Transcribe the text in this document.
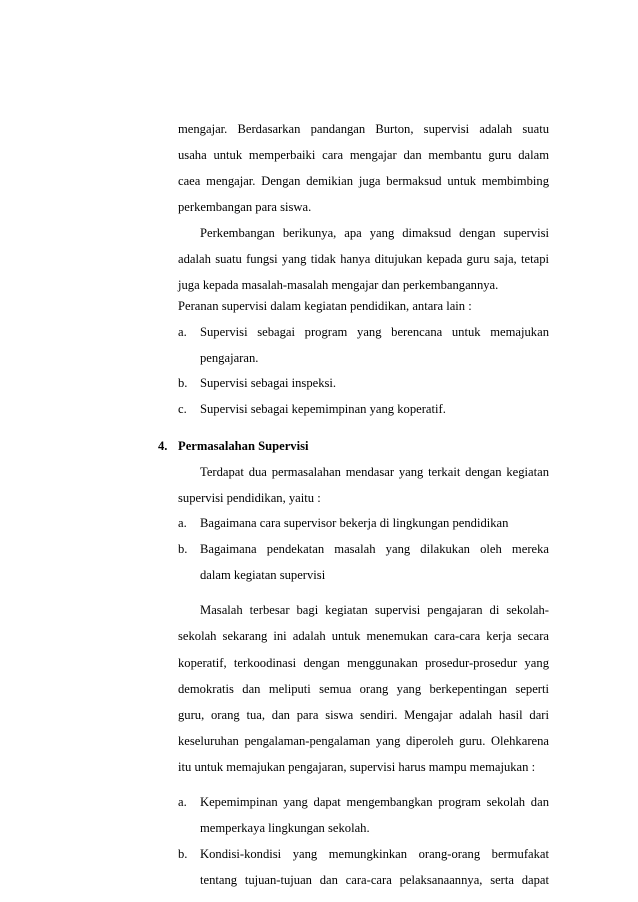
mengajar. Berdasarkan pandangan Burton, supervisi adalah suatu
usaha untuk memperbaiki cara mengajar dan membantu guru dalam
caea mengajar. Dengan demikian juga bermaksud untuk membimbing
perkembangan para siswa.
Perkembangan berikunya, apa yang dimaksud dengan supervisi
adalah suatu fungsi yang tidak hanya ditujukan kepada guru saja, tetapi
juga kepada masalah-masalah mengajar dan perkembangannya.
Peranan supervisi dalam kegiatan pendidikan, antara lain :
a. Supervisi sebagai program yang berencana untuk memajukan
pengajaran.
b. Supervisi sebagai inspeksi.
c. Supervisi sebagai kepemimpinan yang koperatif.
4. Permasalahan Supervisi
Terdapat dua permasalahan mendasar yang terkait dengan kegiatan
supervisi pendidikan, yaitu :
a. Bagaimana cara supervisor bekerja di lingkungan pendidikan
b. Bagaimana pendekatan masalah yang dilakukan oleh mereka
dalam kegiatan supervisi
Masalah terbesar bagi kegiatan supervisi pengajaran di sekolah-
sekolah sekarang ini adalah untuk menemukan cara-cara kerja secara
koperatif, terkoodinasi dengan menggunakan prosedur-prosedur yang
demokratis dan meliputi semua orang yang berkepentingan seperti
guru, orang tua, dan para siswa sendiri. Mengajar adalah hasil dari
keseluruhan pengalaman-pengalaman yang diperoleh guru. Olehkarena
itu untuk memajukan pengajaran, supervisi harus mampu memajukan :
a. Kepemimpinan yang dapat mengembangkan program sekolah dan
memperkaya lingkungan sekolah.
b. Kondisi-kondisi yang memungkinkan orang-orang bermufakat
tentang tujuan-tujuan dan cara-cara pelaksanaannya, serta dapat
